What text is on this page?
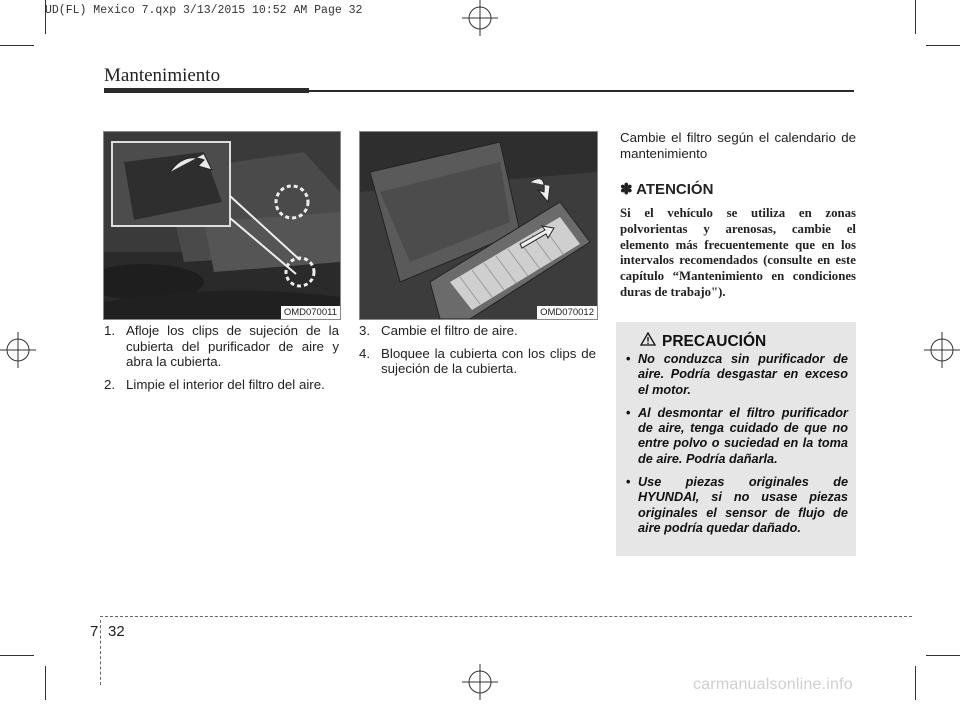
UD(FL) Mexico 7.qxp 3/13/2015 10:52 AM Page 32
Mantenimiento
OMD070011	OMD070012
1. Afloje los clips de sujeción de la cubierta del purificador de aire y abra la cubierta.
2. Limpie el interior del filtro del aire.
3. Cambie el filtro de aire.
4. Bloquee la cubierta con los clips de sujeción de la cubierta.
Cambie el filtro según el calendario de mantenimiento
✽ ATENCIÓN
Si el vehículo se utiliza en zonas polvorientas y arenosas, cambie el elemento más frecuentemente que en los intervalos recomendados (consulte en este capítulo “Mantenimiento en condiciones duras de trabajo").
PRECAUCIÓN
• No conduzca sin purificador de aire. Podría desgastar en exceso el motor.
• Al desmontar el filtro purificador de aire, tenga cuidado de que no entre polvo o suciedad en la toma de aire. Podría dañarla.
• Use piezas originales de HYUNDAI, si no usase piezas originales el sensor de flujo de aire podría quedar dañado.
7 32
carmanualsonline.info
